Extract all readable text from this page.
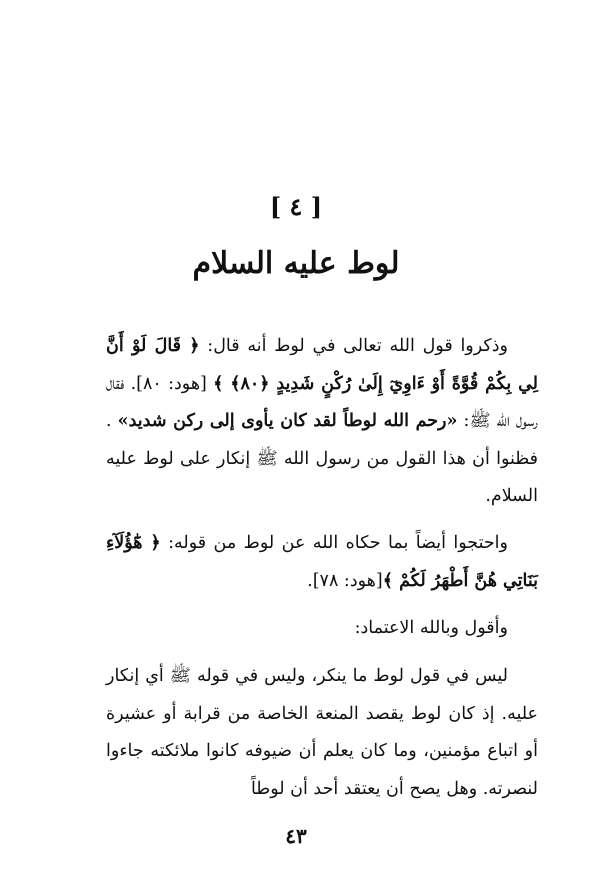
[ ٤ ]
لوط عليه السلام
وذكروا قول الله تعالى في لوط أنه قال: ﴿ قَالَ لَوْ أَنَّ لِي بِكُمْ قُوَّةً أَوْ ءَاوِيٓ إِلَىٰ رُكْنٍ شَدِيدٍ ﴿٨٠﴾ ﴾ [هود: ٨٠]. فقال رسول الله ﷺ: «رحم الله لوطاً لقد كان يأوى إلى ركن شديد» . فظنوا أن هذا القول من رسول الله ﷺ إنكار على لوط عليه السلام.
واحتجوا أيضاً بما حكاه الله عن لوط من قوله: ﴿ هَٰٓؤُلَآءِ بَنَاتِي هُنَّ أَطْهَرُ لَكُمْ ﴾[هود: ٧٨].
وأقول وبالله الاعتماد:
ليس في قول لوط ما ينكر، وليس في قوله ﷺ أي إنكار عليه. إذ كان لوط يقصد المنعة الخاصة من قرابة أو عشيرة أو اتباع مؤمنين، وما كان يعلم أن ضيوفه كانوا ملائكته جاءوا لنصرته. وهل يصح أن يعتقد أحد أن لوطاً
٤٣
